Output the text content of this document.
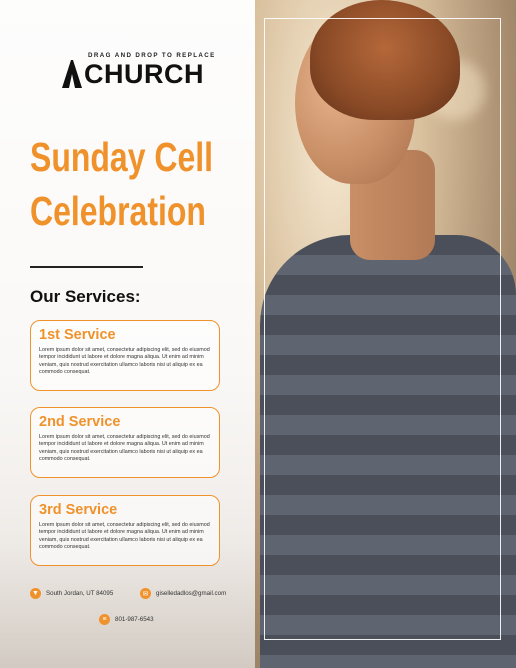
DRAG AND DROP TO REPLACE
CHURCH
Sunday Cell
Celebration
Our Services:
1st Service

Lorem ipsum dolor sit amet, consectetur adipiscing elit, sed do eiusmod tempor incididunt ut labore et dolore magna aliqua. Ut enim ad minim veniam, quis nostrud exercitation ullamco laboris nisi ut aliquip ex ea commodo consequat.

2nd Service

Lorem ipsum dolor sit amet, consectetur adipiscing elit, sed do eiusmod tempor incididunt ut labore et dolore magna aliqua. Ut enim ad minim veniam, quis nostrud exercitation ullamco laboris nisi ut aliquip ex ea commodo consequat.

3rd Service

Lorem ipsum dolor sit amet, consectetur adipiscing elit, sed do eiusmod tempor incididunt ut labore et dolore magna aliqua. Ut enim ad minim veniam, quis nostrud exercitation ullamco laboris nisi ut aliquip ex ea commodo consequat.

▼	South Jordan, UT 84095	✉	giselledadlos@gmail.com
≡	801-987-6543
